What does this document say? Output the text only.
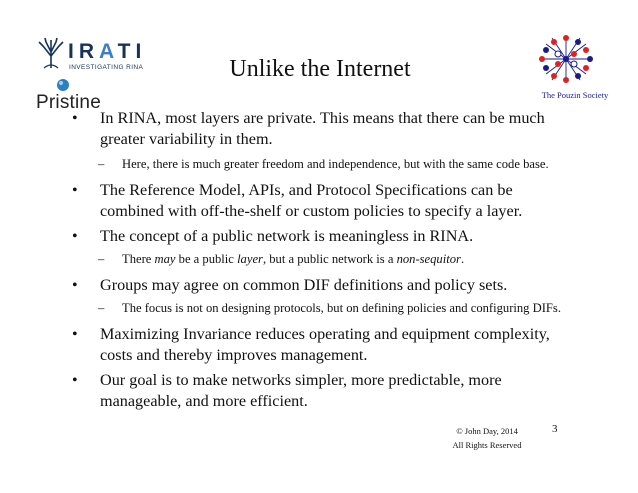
IRATI
INVESTIGATING RINA
Pristine	The Pouzin Society
Unlike the Internet
• In RINA, most layers are private. This means that there can be much greater variability in them.
– Here, there is much greater freedom and independence, but with the same code base.
• The Reference Model, APIs, and Protocol Specifications can be combined with off-the-shelf or custom policies to specify a layer.
• The concept of a public network is meaningless in RINA.
– There may be a public layer, but a public network is a non-sequitor.
• Groups may agree on common DIF definitions and policy sets.
– The focus is not on designing protocols, but on defining policies and configuring DIFs.
• Maximizing Invariance reduces operating and equipment complexity, costs and thereby improves management.
• Our goal is to make networks simpler, more predictable, more manageable, and more efficient.
© John Day, 2014
All Rights Reserved
3
